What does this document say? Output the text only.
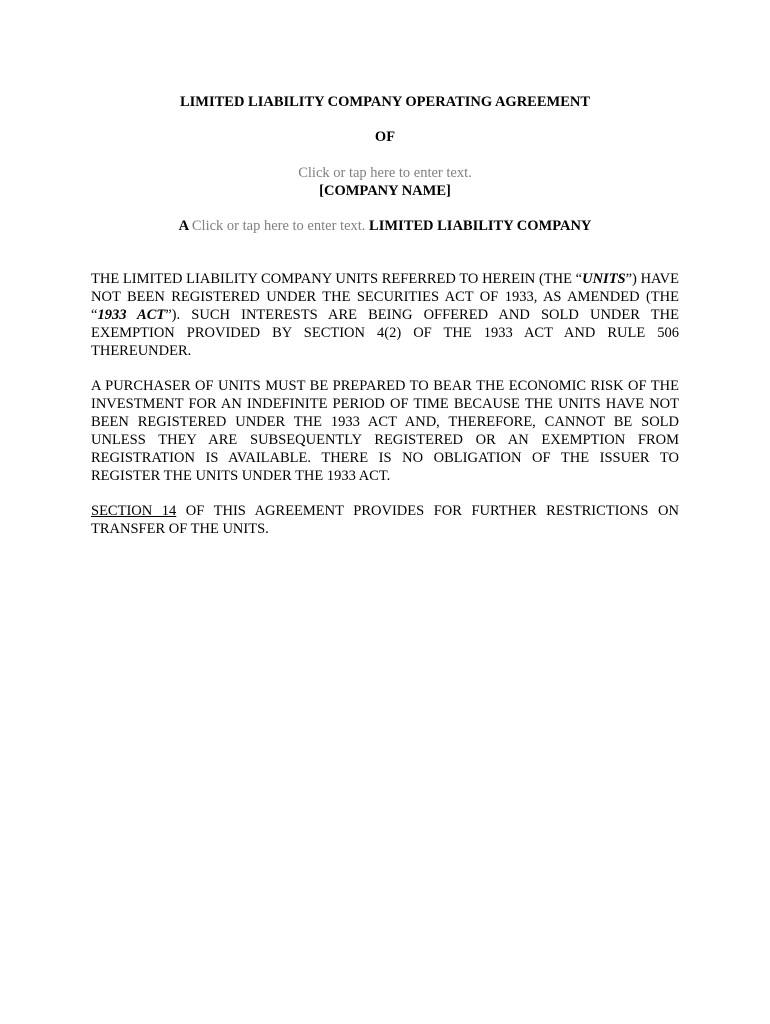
LIMITED LIABILITY COMPANY OPERATING AGREEMENT
OF
Click or tap here to enter text.
[COMPANY NAME]
A Click or tap here to enter text. LIMITED LIABILITY COMPANY

THE LIMITED LIABILITY COMPANY UNITS REFERRED TO HEREIN (THE “UNITS”) HAVE NOT BEEN REGISTERED UNDER THE SECURITIES ACT OF 1933, AS AMENDED (THE “1933 ACT”). SUCH INTERESTS ARE BEING OFFERED AND SOLD UNDER THE EXEMPTION PROVIDED BY SECTION 4(2) OF THE 1933 ACT AND RULE 506 THEREUNDER.

A PURCHASER OF UNITS MUST BE PREPARED TO BEAR THE ECONOMIC RISK OF THE INVESTMENT FOR AN INDEFINITE PERIOD OF TIME BECAUSE THE UNITS HAVE NOT BEEN REGISTERED UNDER THE 1933 ACT AND, THEREFORE, CANNOT BE SOLD UNLESS THEY ARE SUBSEQUENTLY REGISTERED OR AN EXEMPTION FROM REGISTRATION IS AVAILABLE. THERE IS NO OBLIGATION OF THE ISSUER TO REGISTER THE UNITS UNDER THE 1933 ACT.

SECTION 14 OF THIS AGREEMENT PROVIDES FOR FURTHER RESTRICTIONS ON TRANSFER OF THE UNITS.
